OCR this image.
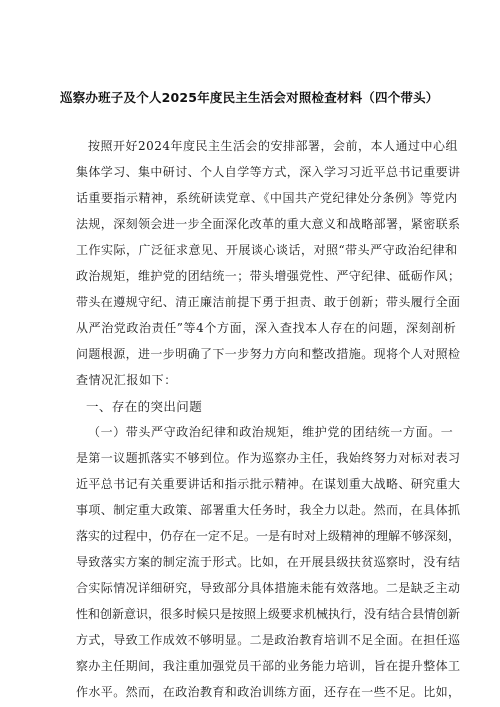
巡察办班子及个人2025年度民主生活会对照检查材料（四个带头）
按照开好2024年度民主生活会的安排部署，会前，本人通过中心组
集体学习、集中研讨、个人自学等方式，深入学习习近平总书记重要讲
话重要指示精神，系统研读党章、《中国共产党纪律处分条例》等党内
法规，深刻领会进一步全面深化改革的重大意义和战略部署，紧密联系
工作实际，广泛征求意见、开展谈心谈话，对照“带头严守政治纪律和
政治规矩，维护党的团结统一；带头增强党性、严守纪律、砥砺作风；
带头在遵规守纪、清正廉洁前提下勇于担责、敢于创新；带头履行全面
从严治党政治责任”等4个方面，深入查找本人存在的问题，深刻剖析
问题根源，进一步明确了下一步努力方向和整改措施。现将个人对照检
查情况汇报如下：
一、存在的突出问题
（一）带头严守政治纪律和政治规矩，维护党的团结统一方面。一
是第一议题抓落实不够到位。作为巡察办主任，我始终努力对标对表习
近平总书记有关重要讲话和指示批示精神。在谋划重大战略、研究重大
事项、制定重大政策、部署重大任务时，我全力以赴。然而，在具体抓
落实的过程中，仍存在一定不足。一是有时对上级精神的理解不够深刻，
导致落实方案的制定流于形式。比如，在开展县级扶贫巡察时，没有结
合实际情况详细研究，导致部分具体措施未能有效落地。二是缺乏主动
性和创新意识，很多时候只是按照上级要求机械执行，没有结合县情创新
方式，导致工作成效不够明显。二是政治教育培训不足全面。在担任巡
察办主任期间，我注重加强党员干部的业务能力培训，旨在提升整体工
作水平。然而，在政治教育和政治训练方面，还存在一些不足。比如，
